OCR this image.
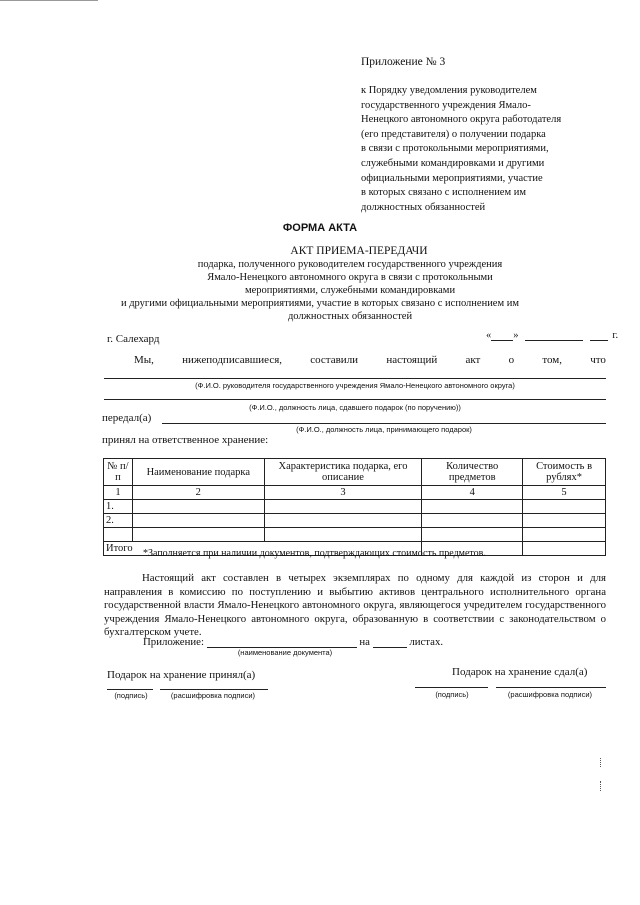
Приложение № 3
к Порядку уведомления руководителем
государственного учреждения Ямало-
Ненецкого автономного округа работодателя
(его представителя) о получении подарка
в связи с протокольными мероприятиями,
служебными командировками и другими
официальными мероприятиями, участие
в которых связано с исполнением им
должностных обязанностей
ФОРМА АКТА
АКТ ПРИЕМА-ПЕРЕДАЧИ
подарка, полученного руководителем государственного учреждения
Ямало-Ненецкого автономного округа в связи с протокольными
мероприятиями, служебными командировками
и другими официальными мероприятиями, участие в которых связано с исполнением им
должностных обязанностей
г. Салехард	« »	г.
Мы,	нижеподписавшиеся,	составили	настоящий	акт	о	том,	что
(Ф.И.О. руководителя государственного учреждения Ямало-Ненецкого автономного округа)
(Ф.И.О., должность лица, сдавшего подарок (по поручению))
передал(а)
(Ф.И.О., должность лица, принимающего подарок)
принял на ответственное хранение:
№ п/п	Наименование подарка	Характеристика подарка, его описание	Количество предметов	Стоимость в рублях*
1	2	3	4	5
1.				
2.				

Итого				*Заполняется при наличии документов, подтверждающих стоимость предметов.
Настоящий акт составлен в четырех экземплярах по одному для каждой из сторон и для направления в комиссию по поступлению и выбытию активов центрального исполнительного органа государственной власти Ямало-Ненецкого автономного округа, являющегося учредителем государственного учреждения Ямало-Ненецкого автономного округа, образованную в соответствии с законодательством о бухгалтерском учете.
Приложение:	на	листах.
(наименование документа)
Подарок на хранение принял(а)
(подпись)	(расшифровка подписи)
Подарок на хранение сдал(а)
(подпись)	(расшифровка подписи)
